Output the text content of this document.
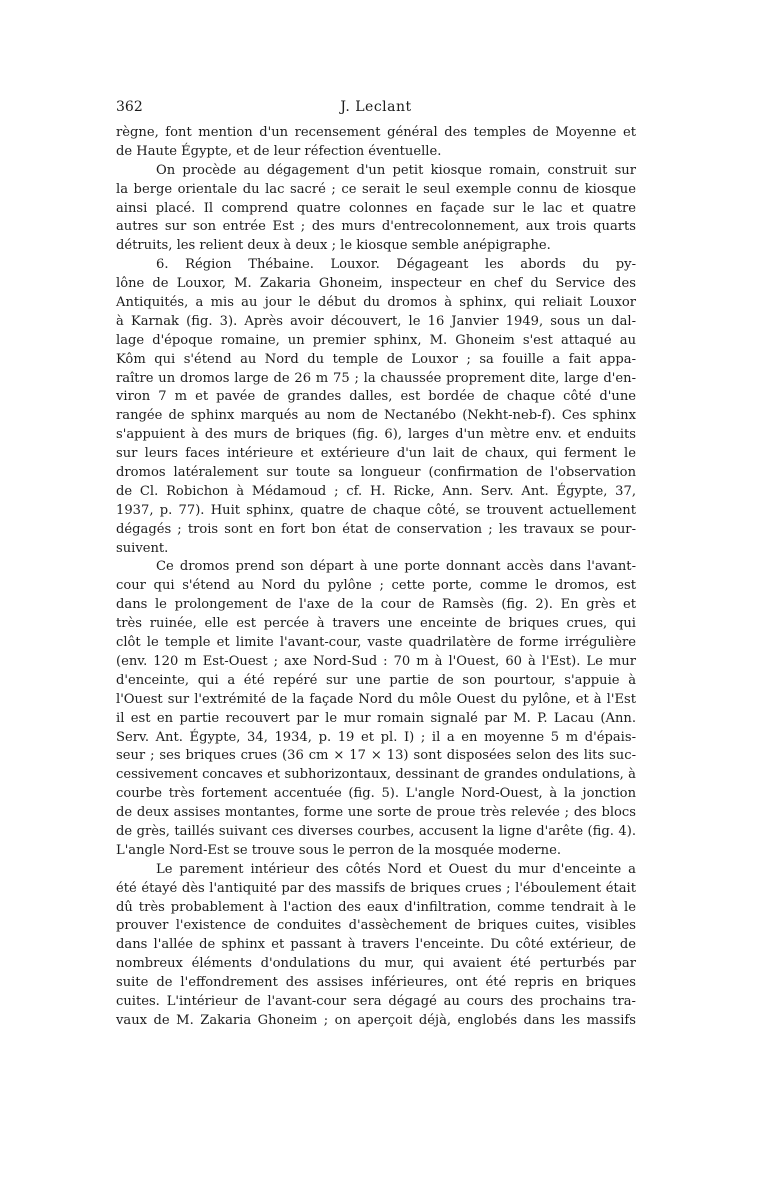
362	J. Leclant
règne, font mention d'un recensement général des temples de Moyenne et
de Haute Égypte, et de leur réfection éventuelle.
On procède au dégagement d'un petit kiosque romain, construit sur
la berge orientale du lac sacré ; ce serait le seul exemple connu de kiosque
ainsi placé. Il comprend quatre colonnes en façade sur le lac et quatre
autres sur son entrée Est ; des murs d'entrecolonnement, aux trois quarts
détruits, les relient deux à deux ; le kiosque semble anépigraphe.
6. Région Thébaine. Louxor. Dégageant les abords du py-
lône de Louxor, M. Zakaria Ghoneim, inspecteur en chef du Service des
Antiquités, a mis au jour le début du dromos à sphinx, qui reliait Louxor
à Karnak (fig. 3). Après avoir découvert, le 16 Janvier 1949, sous un dal-
lage d'époque romaine, un premier sphinx, M. Ghoneim s'est attaqué au
Kôm qui s'étend au Nord du temple de Louxor ; sa fouille a fait appa-
raître un dromos large de 26 m 75 ; la chaussée proprement dite, large d'en-
viron 7 m et pavée de grandes dalles, est bordée de chaque côté d'une
rangée de sphinx marqués au nom de Nectanébo (Nekht-neb-f). Ces sphinx
s'appuient à des murs de briques (fig. 6), larges d'un mètre env. et enduits
sur leurs faces intérieure et extérieure d'un lait de chaux, qui ferment le
dromos latéralement sur toute sa longueur (confirmation de l'observation
de Cl. Robichon à Médamoud ; cf. H. Ricke, Ann. Serv. Ant. Égypte, 37,
1937, p. 77). Huit sphinx, quatre de chaque côté, se trouvent actuellement
dégagés ; trois sont en fort bon état de conservation ; les travaux se pour-
suivent.
Ce dromos prend son départ à une porte donnant accès dans l'avant-
cour qui s'étend au Nord du pylône ; cette porte, comme le dromos, est
dans le prolongement de l'axe de la cour de Ramsès (fig. 2). En grès et
très ruinée, elle est percée à travers une enceinte de briques crues, qui
clôt le temple et limite l'avant-cour, vaste quadrilatère de forme irrégulière
(env. 120 m Est-Ouest ; axe Nord-Sud : 70 m à l'Ouest, 60 à l'Est). Le mur
d'enceinte, qui a été repéré sur une partie de son pourtour, s'appuie à
l'Ouest sur l'extrémité de la façade Nord du môle Ouest du pylône, et à l'Est
il est en partie recouvert par le mur romain signalé par M. P. Lacau (Ann.
Serv. Ant. Égypte, 34, 1934, p. 19 et pl. I) ; il a en moyenne 5 m d'épais-
seur ; ses briques crues (36 cm × 17 × 13) sont disposées selon des lits suc-
cessivement concaves et subhorizontaux, dessinant de grandes ondulations, à
courbe très fortement accentuée (fig. 5). L'angle Nord-Ouest, à la jonction
de deux assises montantes, forme une sorte de proue très relevée ; des blocs
de grès, taillés suivant ces diverses courbes, accusent la ligne d'arête (fig. 4).
L'angle Nord-Est se trouve sous le perron de la mosquée moderne.
Le parement intérieur des côtés Nord et Ouest du mur d'enceinte a
été étayé dès l'antiquité par des massifs de briques crues ; l'éboulement était
dû très probablement à l'action des eaux d'infiltration, comme tendrait à le
prouver l'existence de conduites d'assèchement de briques cuites, visibles
dans l'allée de sphinx et passant à travers l'enceinte. Du côté extérieur, de
nombreux éléments d'ondulations du mur, qui avaient été perturbés par
suite de l'effondrement des assises inférieures, ont été repris en briques
cuites. L'intérieur de l'avant-cour sera dégagé au cours des prochains tra-
vaux de M. Zakaria Ghoneim ; on aperçoit déjà, englobés dans les massifs
